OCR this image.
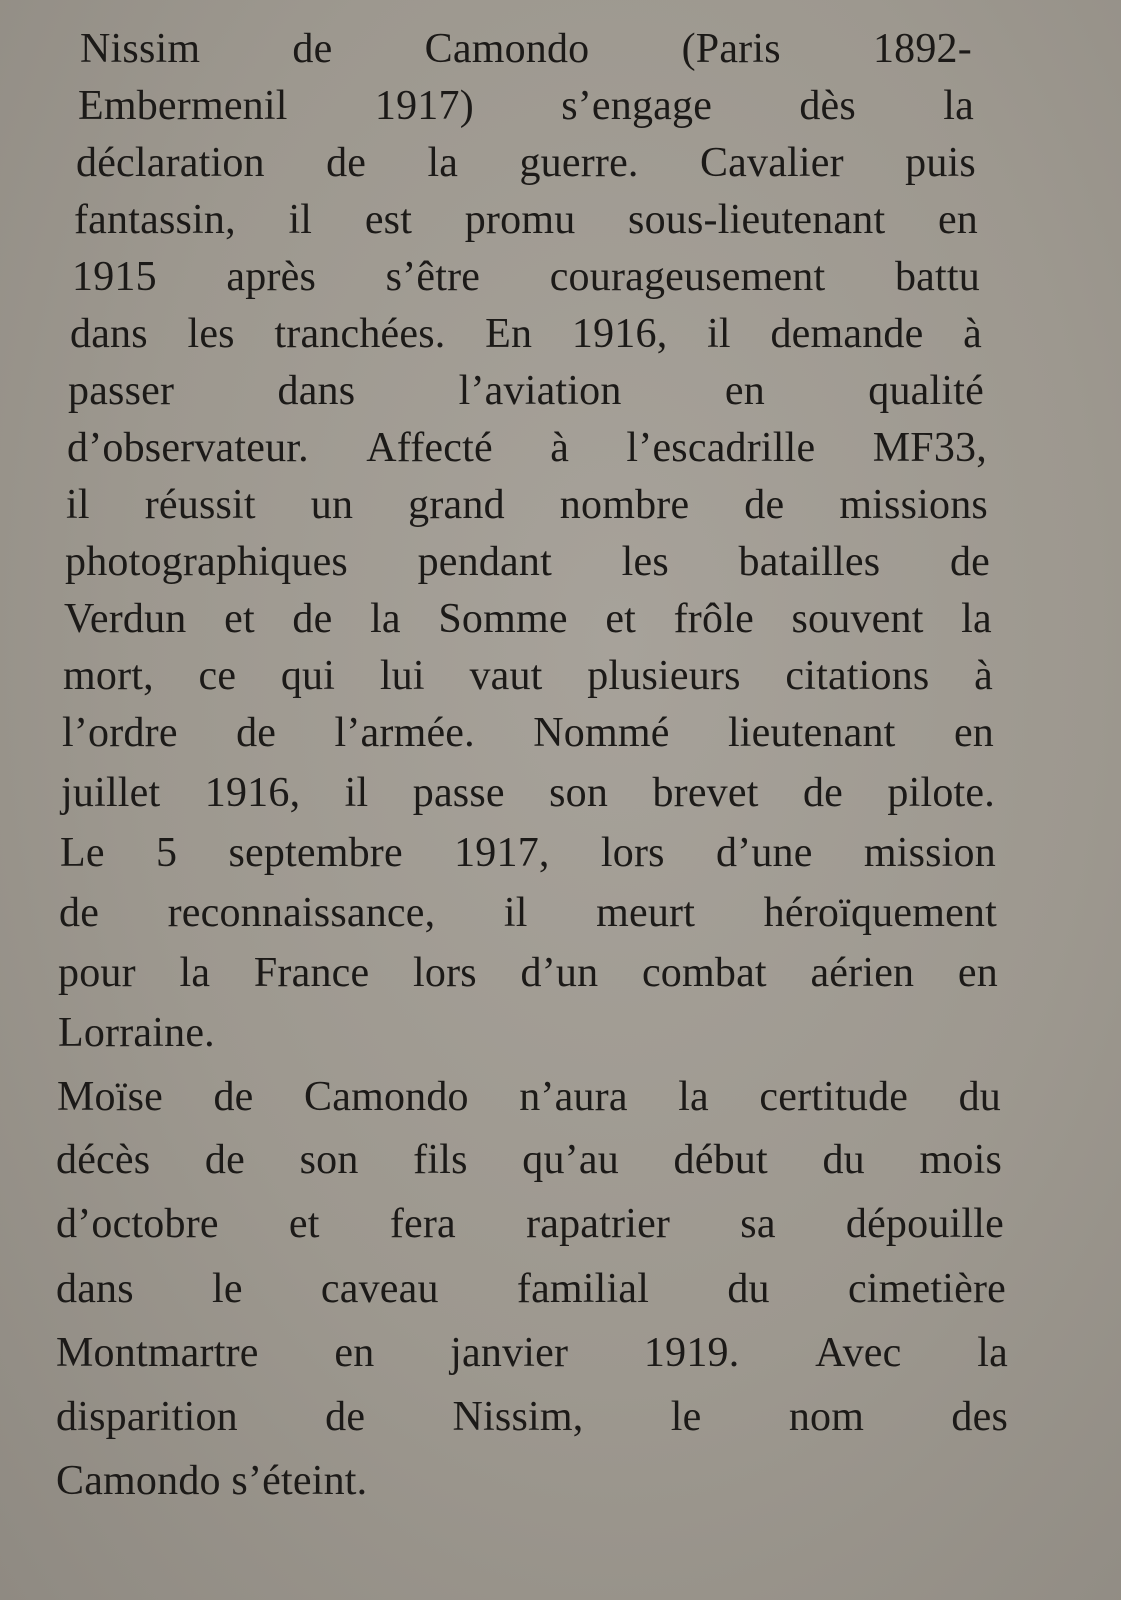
Nissim de Camondo (Paris 1892-
Embermenil 1917) s’engage dès la
déclaration de la guerre. Cavalier puis
fantassin, il est promu sous-lieutenant en
1915 après s’être courageusement battu
dans les tranchées. En 1916, il demande à
passer dans l’aviation en qualité
d’observateur. Affecté à l’escadrille MF33,
il réussit un grand nombre de missions
photographiques pendant les batailles de
Verdun et de la Somme et frôle souvent la
mort, ce qui lui vaut plusieurs citations à
l’ordre de l’armée. Nommé lieutenant en
juillet 1916, il passe son brevet de pilote.
Le 5 septembre 1917, lors d’une mission
de reconnaissance, il meurt héroïquement
pour la France lors d’un combat aérien en
Lorraine.
Moïse de Camondo n’aura la certitude du
décès de son fils qu’au début du mois
d’octobre et fera rapatrier sa dépouille
dans le caveau familial du cimetière
Montmartre en janvier 1919. Avec la
disparition de Nissim, le nom des
Camondo s’éteint.
